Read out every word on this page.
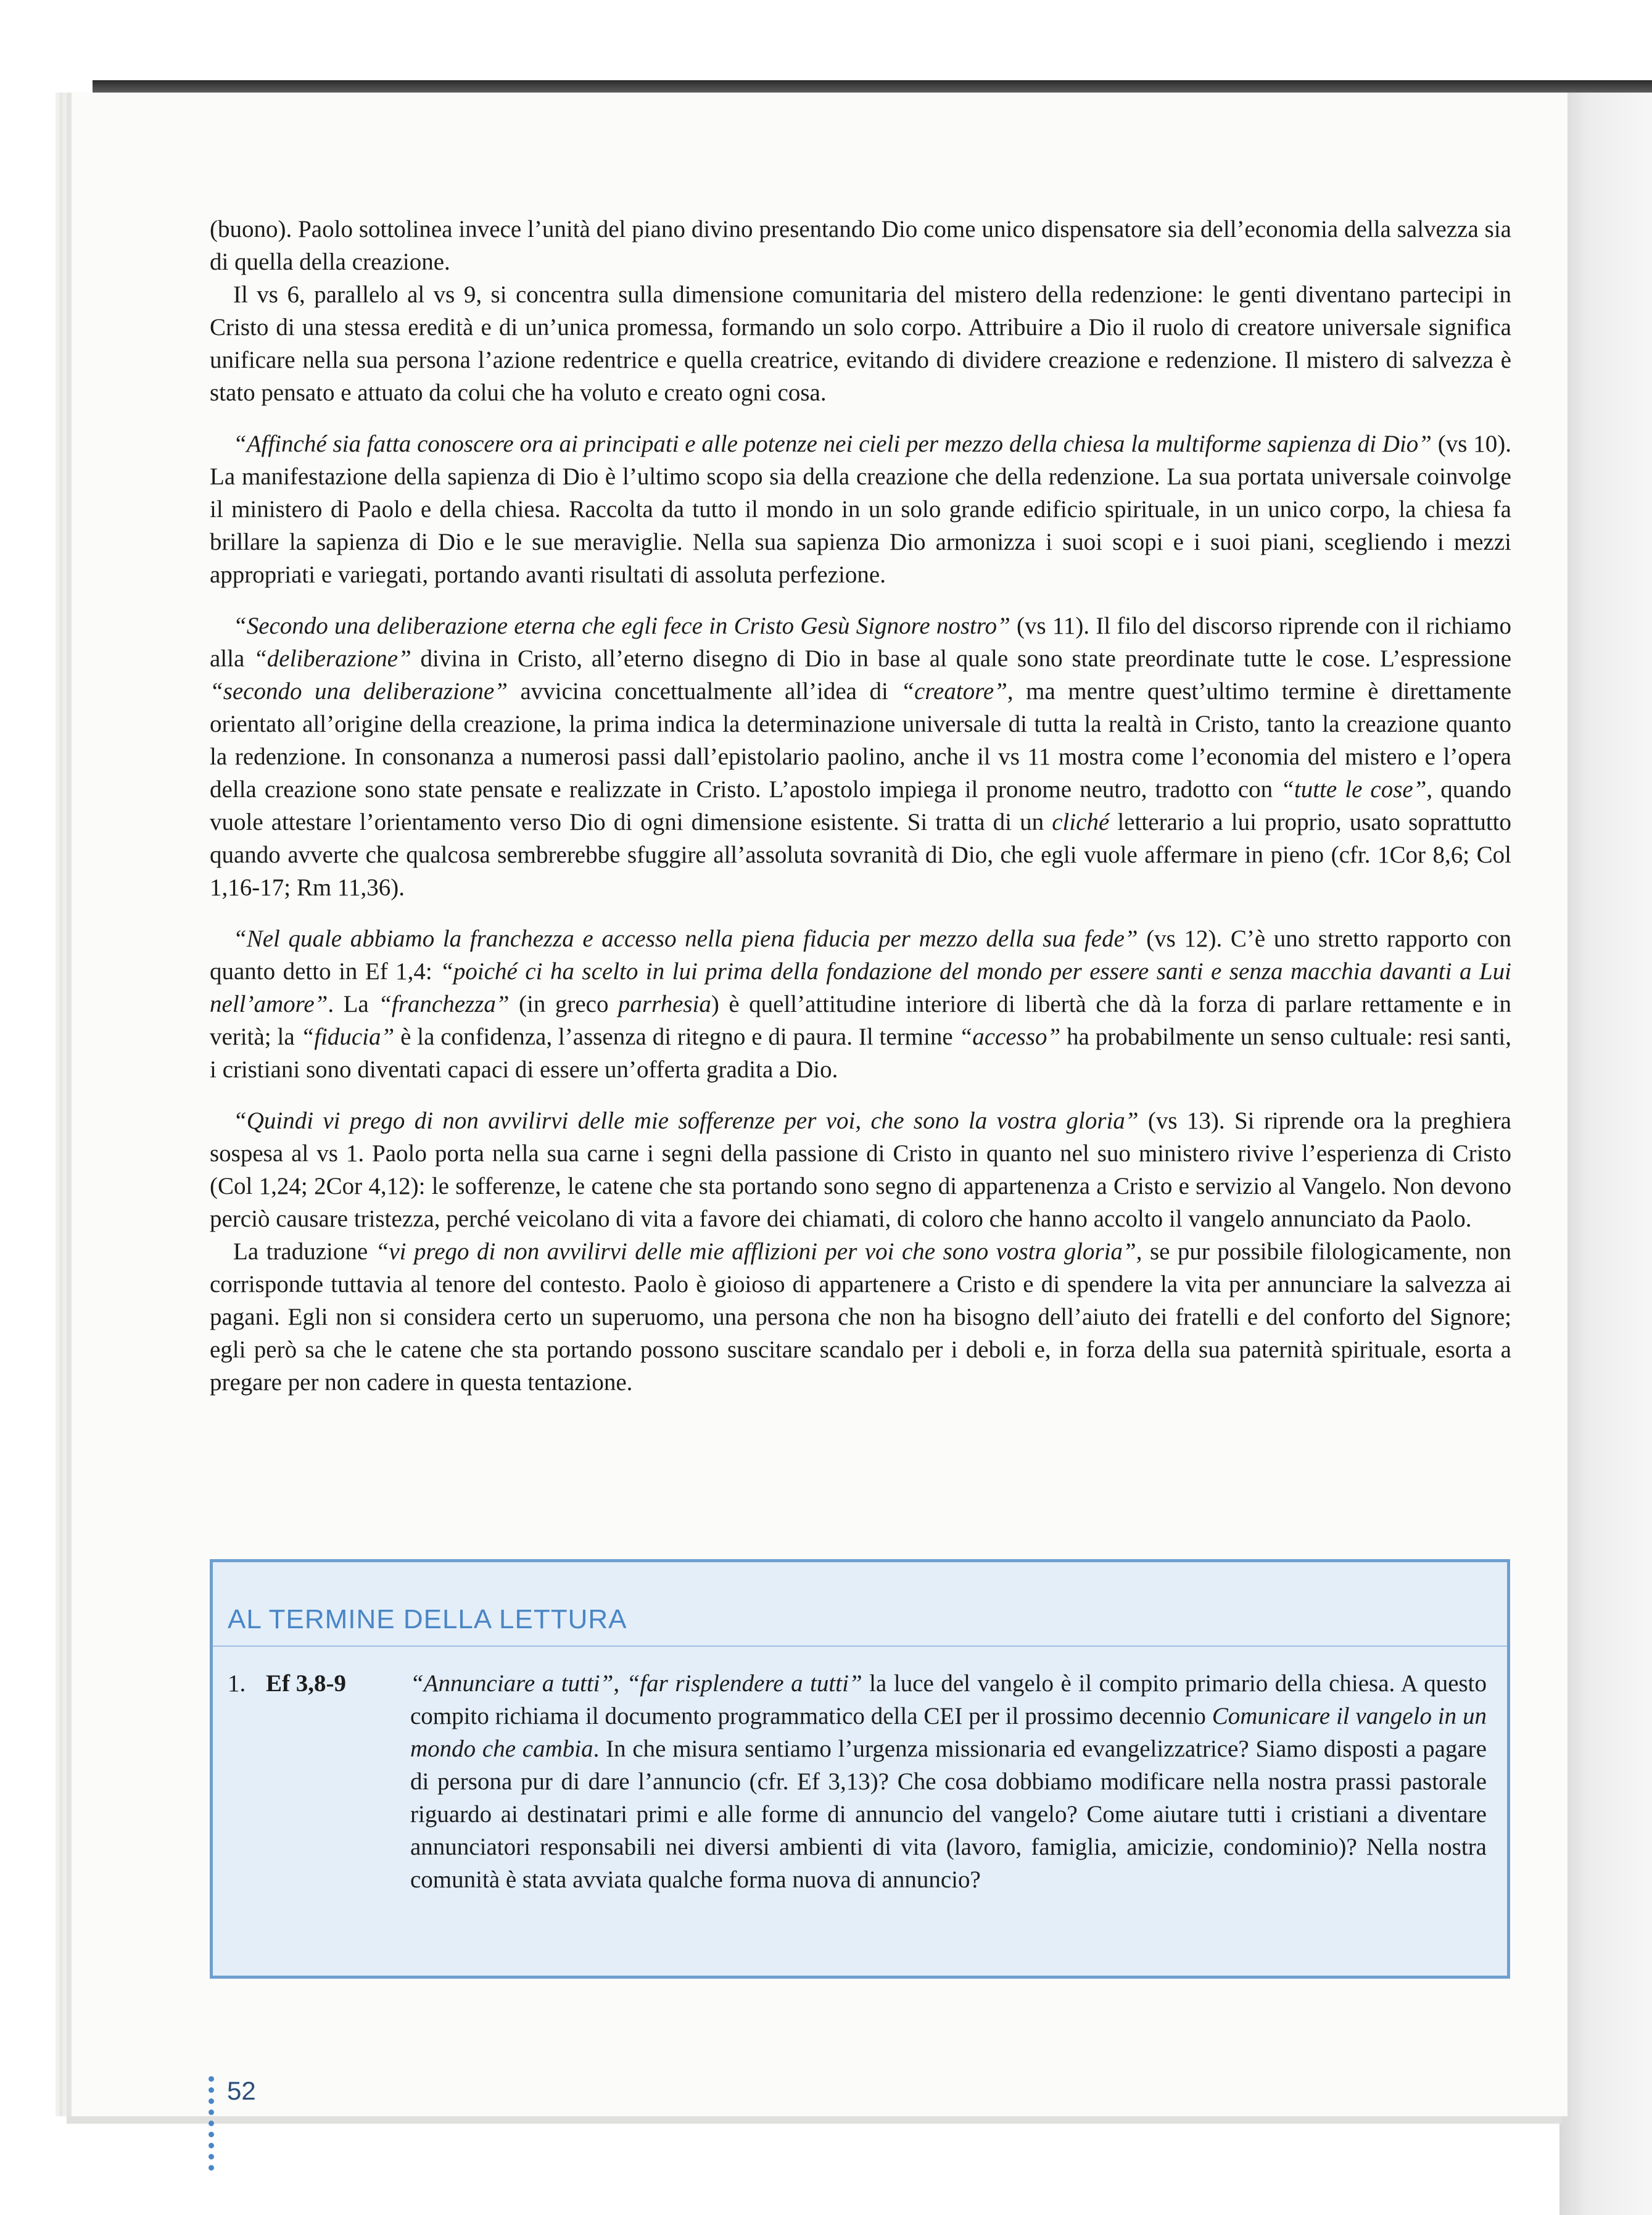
(buono). Paolo sottolinea invece l’unità del piano divino presentando Dio come unico dispensatore sia dell’economia della salvezza sia di quella della creazione.

Il vs 6, parallelo al vs 9, si concentra sulla dimensione comunitaria del mistero della redenzione: le genti diventano partecipi in Cristo di una stessa eredità e di un’unica promessa, formando un solo corpo. Attribuire a Dio il ruolo di creatore universale significa unificare nella sua persona l’azione redentrice e quella creatrice, evitando di dividere creazione e redenzione. Il mistero di salvezza è stato pensato e attuato da colui che ha voluto e creato ogni cosa.

“Affinché sia fatta conoscere ora ai principati e alle potenze nei cieli per mezzo della chiesa la multiforme sapienza di Dio” (vs 10). La manifestazione della sapienza di Dio è l’ultimo scopo sia della creazione che della redenzione. La sua portata universale coinvolge il ministero di Paolo e della chiesa. Raccolta da tutto il mondo in un solo grande edificio spirituale, in un unico corpo, la chiesa fa brillare la sapienza di Dio e le sue meraviglie. Nella sua sapienza Dio armonizza i suoi scopi e i suoi piani, scegliendo i mezzi appropriati e variegati, portando avanti risultati di assoluta perfezione.

“Secondo una deliberazione eterna che egli fece in Cristo Gesù Signore nostro” (vs 11). Il filo del discorso riprende con il richiamo alla “deliberazione” divina in Cristo, all’eterno disegno di Dio in base al quale sono state preordinate tutte le cose. L’espressione “secondo una deliberazione” avvicina concettualmente all’idea di “creatore”, ma mentre quest’ultimo termine è direttamente orientato all’origine della creazione, la prima indica la determinazione universale di tutta la realtà in Cristo, tanto la creazione quanto la redenzione. In consonanza a numerosi passi dall’epistolario paolino, anche il vs 11 mostra come l’economia del mistero e l’opera della creazione sono state pensate e realizzate in Cristo. L’apostolo impiega il pronome neutro, tradotto con “tutte le cose”, quando vuole attestare l’orientamento verso Dio di ogni dimensione esistente. Si tratta di un cliché letterario a lui proprio, usato soprattutto quando avverte che qualcosa sembrerebbe sfuggire all’assoluta sovranità di Dio, che egli vuole affermare in pieno (cfr. 1Cor 8,6; Col 1,16-17; Rm 11,36).

“Nel quale abbiamo la franchezza e accesso nella piena fiducia per mezzo della sua fede” (vs 12). C’è uno stretto rapporto con quanto detto in Ef 1,4: “poiché ci ha scelto in lui prima della fondazione del mondo per essere santi e senza macchia davanti a Lui nell’amore”. La “franchezza” (in greco parrhesia) è quell’attitudine interiore di libertà che dà la forza di parlare rettamente e in verità; la “fiducia” è la confidenza, l’assenza di ritegno e di paura. Il termine “accesso” ha probabilmente un senso cultuale: resi santi, i cristiani sono diventati capaci di essere un’offerta gradita a Dio.

“Quindi vi prego di non avvilirvi delle mie sofferenze per voi, che sono la vostra gloria” (vs 13). Si riprende ora la preghiera sospesa al vs 1. Paolo porta nella sua carne i segni della passione di Cristo in quanto nel suo ministero rivive l’esperienza di Cristo (Col 1,24; 2Cor 4,12): le sofferenze, le catene che sta portando sono segno di appartenenza a Cristo e servizio al Vangelo. Non devono perciò causare tristezza, perché veicolano di vita a favore dei chiamati, di coloro che hanno accolto il vangelo annunciato da Paolo.

La traduzione “vi prego di non avvilirvi delle mie afflizioni per voi che sono vostra gloria”, se pur possibile filologicamente, non corrisponde tuttavia al tenore del contesto. Paolo è gioioso di appartenere a Cristo e di spendere la vita per annunciare la salvezza ai pagani. Egli non si considera certo un superuomo, una persona che non ha bisogno dell’aiuto dei fratelli e del conforto del Signore; egli però sa che le catene che sta portando possono suscitare scandalo per i deboli e, in forza della sua paternità spirituale, esorta a pregare per non cadere in questa tentazione.

AL TERMINE DELLA LETTURA
1. Ef 3,8-9	“Annunciare a tutti”, “far risplendere a tutti” la luce del vangelo è il compito primario della chiesa. A questo compito richiama il documento programmatico della CEI per il prossimo decennio Comunicare il vangelo in un mondo che cambia. In che misura sentiamo l’urgenza missionaria ed evangelizzatrice? Siamo disposti a pagare di persona pur di dare l’annuncio (cfr. Ef 3,13)? Che cosa dobbiamo modificare nella nostra prassi pastorale riguardo ai destinatari primi e alle forme di annuncio del vangelo? Come aiutare tutti i cristiani a diventare annunciatori responsabili nei diversi ambienti di vita (lavoro, famiglia, amicizie, condominio)? Nella nostra comunità è stata avviata qualche forma nuova di annuncio?
52
